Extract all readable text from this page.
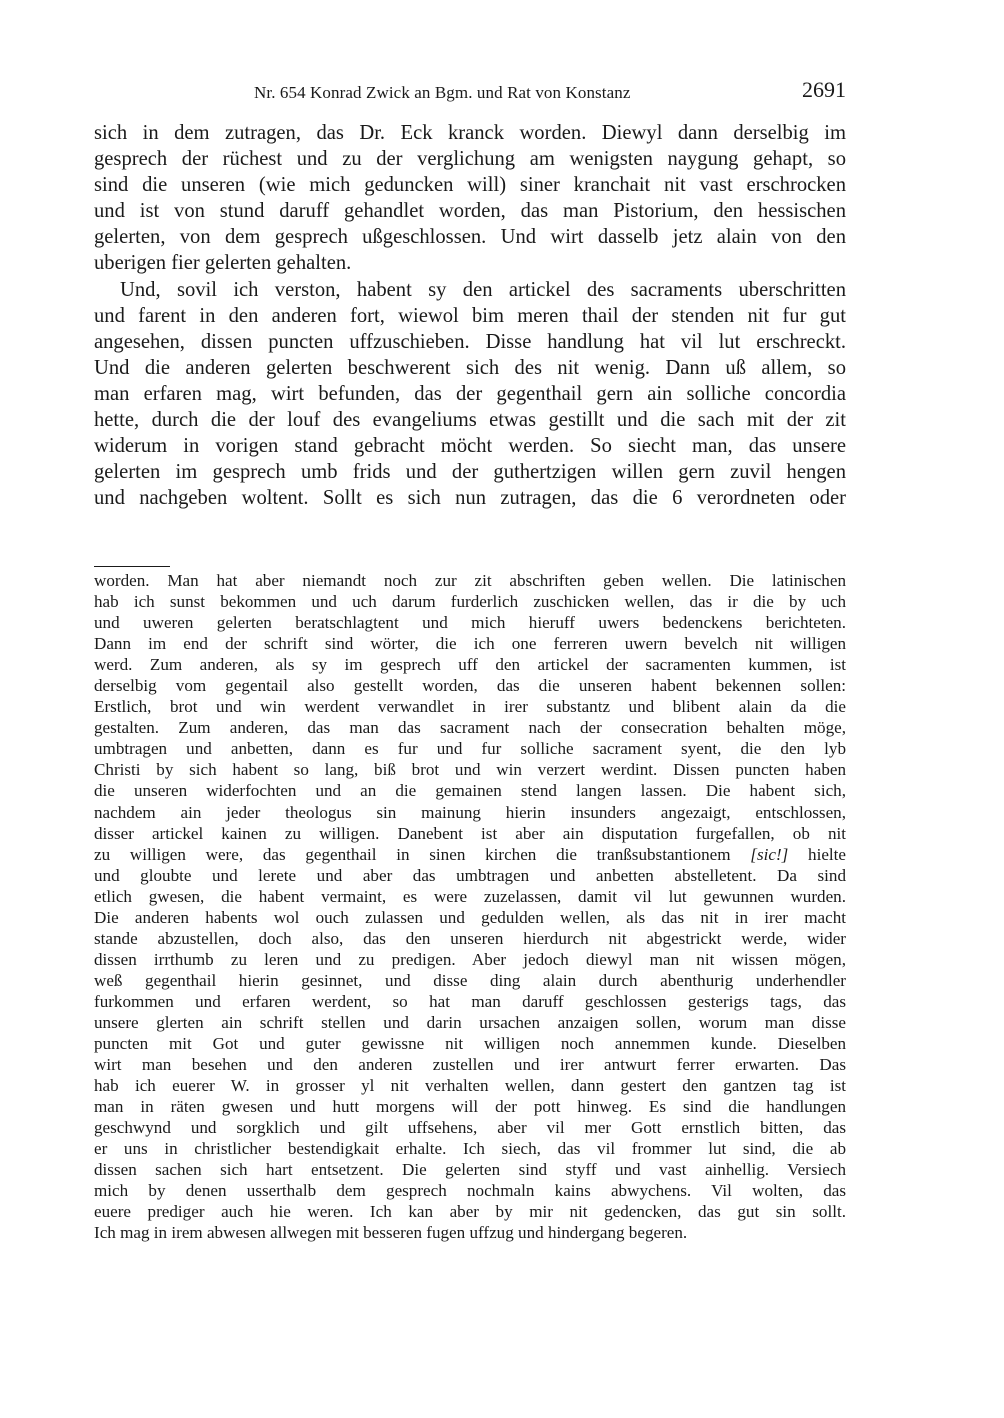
Nr. 654 Konrad Zwick an Bgm. und Rat von Konstanz	2691
sich in dem zutragen, das Dr. Eck kranck worden. Diewyl dann derselbig im
gesprech der rüchest und zu der verglichung am wenigsten naygung gehapt, so
sind die unseren (wie mich geduncken will) siner kranchait nit vast erschrocken
und ist von stund daruff gehandlet worden, das man Pistorium, den hessischen
gelerten, von dem gesprech ußgeschlossen. Und wirt dasselb jetz alain von den
uberigen fier gelerten gehalten.
Und, sovil ich verston, habent sy den artickel des sacraments uberschritten
und farent in den anderen fort, wiewol bim meren thail der stenden nit fur gut
angesehen, dissen puncten uffzuschieben. Disse handlung hat vil lut erschreckt.
Und die anderen gelerten beschwerent sich des nit wenig. Dann uß allem, so
man erfaren mag, wirt befunden, das der gegenthail gern ain solliche concordia
hette, durch die der louf des evangeliums etwas gestillt und die sach mit der zit
widerum in vorigen stand gebracht möcht werden. So siecht man, das unsere
gelerten im gesprech umb frids und der guthertzigen willen gern zuvil hengen
und nachgeben woltent. Sollt es sich nun zutragen, das die 6 verordneten oder
worden. Man hat aber niemandt noch zur zit abschriften geben wellen. Die latinischen
hab ich sunst bekommen und uch darum furderlich zuschicken wellen, das ir die by uch
und uweren gelerten beratschlagtent und mich hieruff uwers bedenckens berichteten.
Dann im end der schrift sind wörter, die ich one ferreren uwern bevelch nit willigen
werd. Zum anderen, als sy im gesprech uff den artickel der sacramenten kummen, ist
derselbig vom gegentail also gestellt worden, das die unseren habent bekennen sollen:
Erstlich, brot und win werdent verwandlet in irer substantz und blibent alain da die
gestalten. Zum anderen, das man das sacrament nach der consecration behalten möge,
umbtragen und anbetten, dann es fur und fur solliche sacrament syent, die den lyb
Christi by sich habent so lang, biß brot und win verzert werdint. Dissen puncten haben
die unseren widerfochten und an die gemainen stend langen lassen. Die habent sich,
nachdem ain jeder theologus sin mainung hierin insunders angezaigt, entschlossen,
disser artickel kainen zu willigen. Danebent ist aber ain disputation furgefallen, ob nit
zu willigen were, das gegenthail in sinen kirchen die tranßsubstantionem [sic!] hielte
und gloubte und lerete und aber das umbtragen und anbetten abstelletent. Da sind
etlich gwesen, die habent vermaint, es were zuzelassen, damit vil lut gewunnen wurden.
Die anderen habents wol ouch zulassen und gedulden wellen, als das nit in irer macht
stande abzustellen, doch also, das den unseren hierdurch nit abgestrickt werde, wider
dissen irrthumb zu leren und zu predigen. Aber jedoch diewyl man nit wissen mögen,
weß gegenthail hierin gesinnet, und disse ding alain durch abenthurig underhendler
furkommen und erfaren werdent, so hat man daruff geschlossen gesterigs tags, das
unsere glerten ain schrift stellen und darin ursachen anzaigen sollen, worum man disse
puncten mit Got und guter gewissne nit willigen noch annemmen kunde. Dieselben
wirt man besehen und den anderen zustellen und irer antwurt ferrer erwarten. Das
hab ich euerer W. in grosser yl nit verhalten wellen, dann gestert den gantzen tag ist
man in räten gwesen und hutt morgens will der pott hinweg. Es sind die handlungen
geschwynd und sorgklich und gilt uffsehens, aber vil mer Gott ernstlich bitten, das
er uns in christlicher bestendigkait erhalte. Ich siech, das vil frommer lut sind, die ab
dissen sachen sich hart entsetzent. Die gelerten sind styff und vast ainhellig. Versiech
mich by denen usserthalb dem gesprech nochmaln kains abwychens. Vil wolten, das
euere prediger auch hie weren. Ich kan aber by mir nit gedencken, das gut sin sollt.
Ich mag in irem abwesen allwegen mit besseren fugen uffzug und hindergang begeren.
